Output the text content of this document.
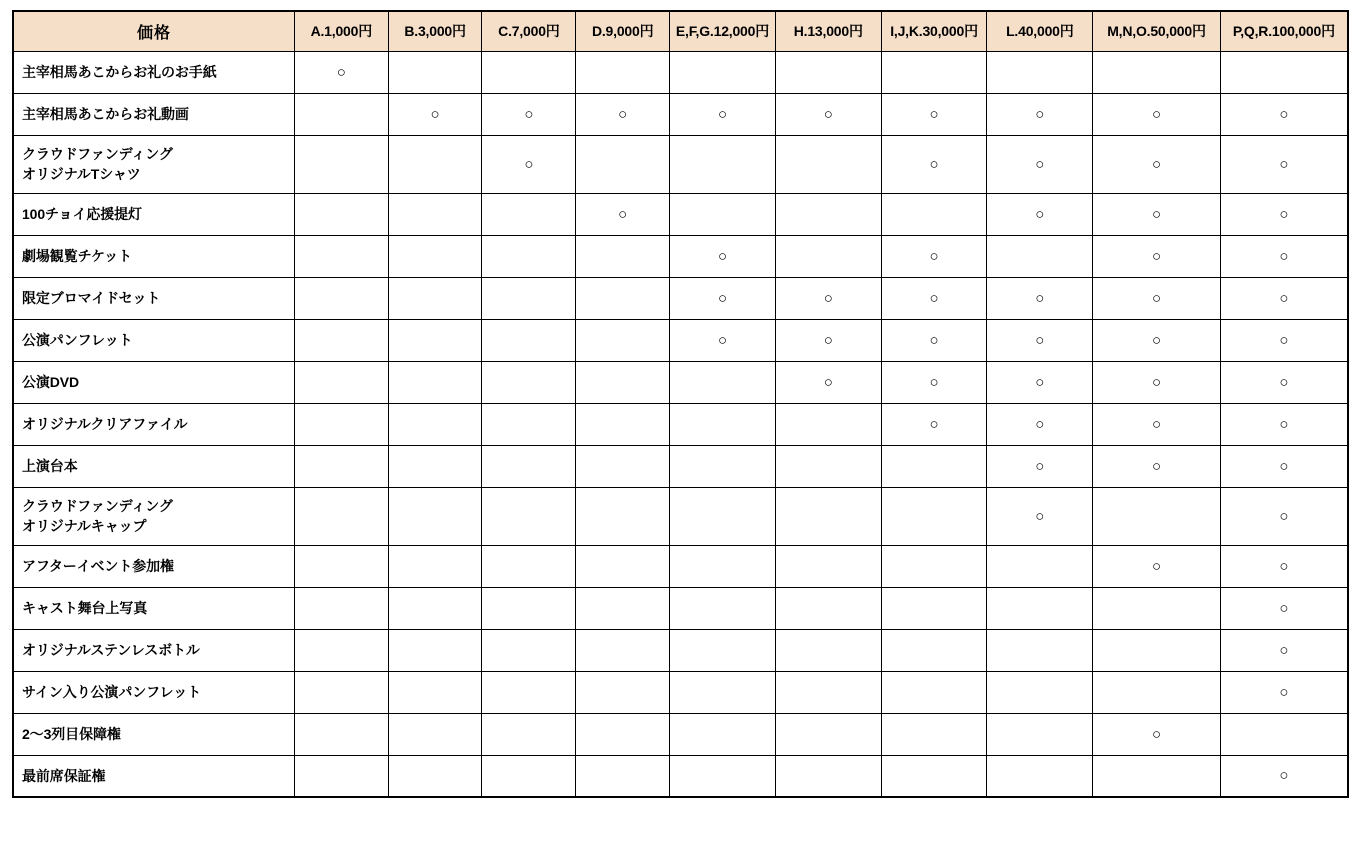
価格	A.1,000円	B.3,000円	C.7,000円	D.9,000円	E,F,G.12,000円	H.13,000円	I,J,K.30,000円	L.40,000円	M,N,O.50,000円	P,Q,R.100,000円
主宰相馬あこからお礼のお手紙	○									
主宰相馬あこからお礼動画		○	○	○	○	○	○	○	○	○
クラウドファンディング
オリジナルTシャツ			○				○	○	○	○
100チョイ応援提灯				○				○	○	○
劇場観覧チケット					○		○		○	○
限定ブロマイドセット					○	○	○	○	○	○
公演パンフレット					○	○	○	○	○	○
公演DVD						○	○	○	○	○
オリジナルクリアファイル							○	○	○	○
上演台本								○	○	○
クラウドファンディング
オリジナルキャップ								○		○
アフターイベント参加権									○	○
キャスト舞台上写真										○
オリジナルステンレスボトル										○
サイン入り公演パンフレット										○
2〜3列目保障権									○	
最前席保証権										○
